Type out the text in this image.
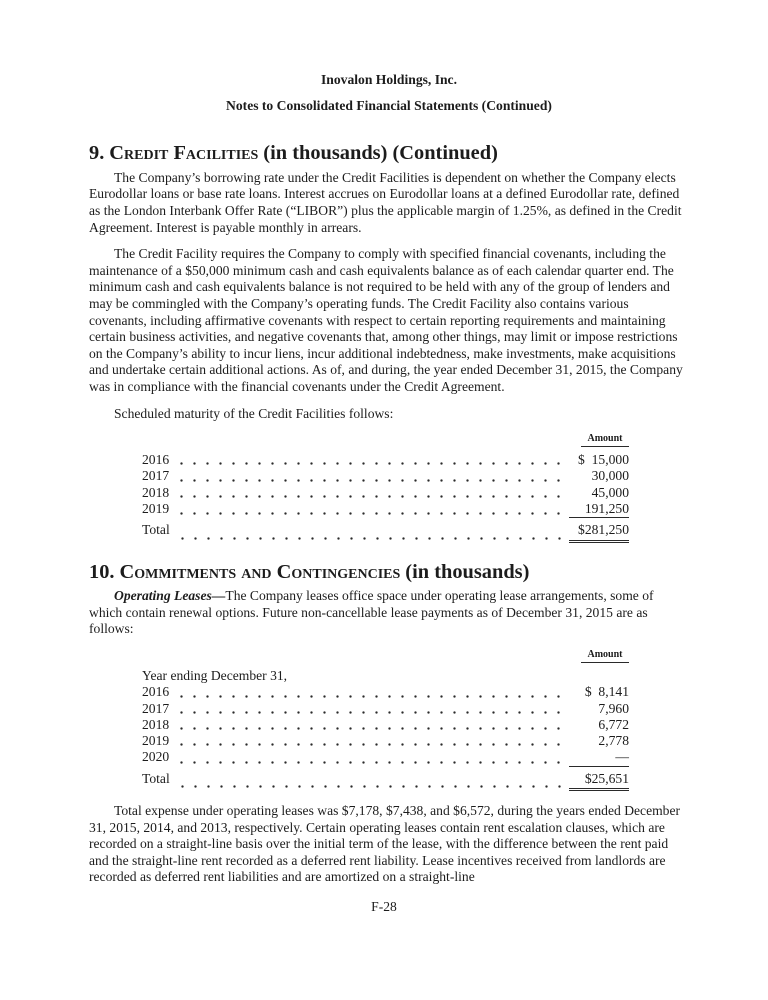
Inovalon Holdings, Inc.
Notes to Consolidated Financial Statements (Continued)
9. Credit Facilities (in thousands) (Continued)

The Company’s borrowing rate under the Credit Facilities is dependent on whether the Company elects Eurodollar loans or base rate loans. Interest accrues on Eurodollar loans at a defined Eurodollar rate, defined as the London Interbank Offer Rate (“LIBOR”) plus the applicable margin of 1.25%, as defined in the Credit Agreement. Interest is payable monthly in arrears.

The Credit Facility requires the Company to comply with specified financial covenants, including the maintenance of a $50,000 minimum cash and cash equivalents balance as of each calendar quarter end. The minimum cash and cash equivalents balance is not required to be held with any of the group of lenders and may be commingled with the Company’s operating funds. The Credit Facility also contains various covenants, including affirmative covenants with respect to certain reporting requirements and maintaining certain business activities, and negative covenants that, among other things, may limit or impose restrictions on the Company’s ability to incur liens, incur additional indebtedness, make investments, make acquisitions and undertake certain additional actions. As of, and during, the year ended December 31, 2015, the Company was in compliance with the financial covenants under the Credit Agreement.

Scheduled maturity of the Credit Facilities follows:

Amount
2016	$  15,000
2017	30,000
2018	45,000
2019	191,250
Total	$281,250
10. Commitments and Contingencies (in thousands)

Operating Leases—The Company leases office space under operating lease arrangements, some of which contain renewal options. Future non-cancellable lease payments as of December 31, 2015 are as follows:

Amount
Year ending December 31,
2016	$  8,141
2017	7,960
2018	6,772
2019	2,778
2020	—
Total	$25,651

Total expense under operating leases was $7,178, $7,438, and $6,572, during the years ended December 31, 2015, 2014, and 2013, respectively. Certain operating leases contain rent escalation clauses, which are recorded on a straight-line basis over the initial term of the lease, with the difference between the rent paid and the straight-line rent recorded as a deferred rent liability. Lease incentives received from landlords are recorded as deferred rent liabilities and are amortized on a straight-line

F-28
